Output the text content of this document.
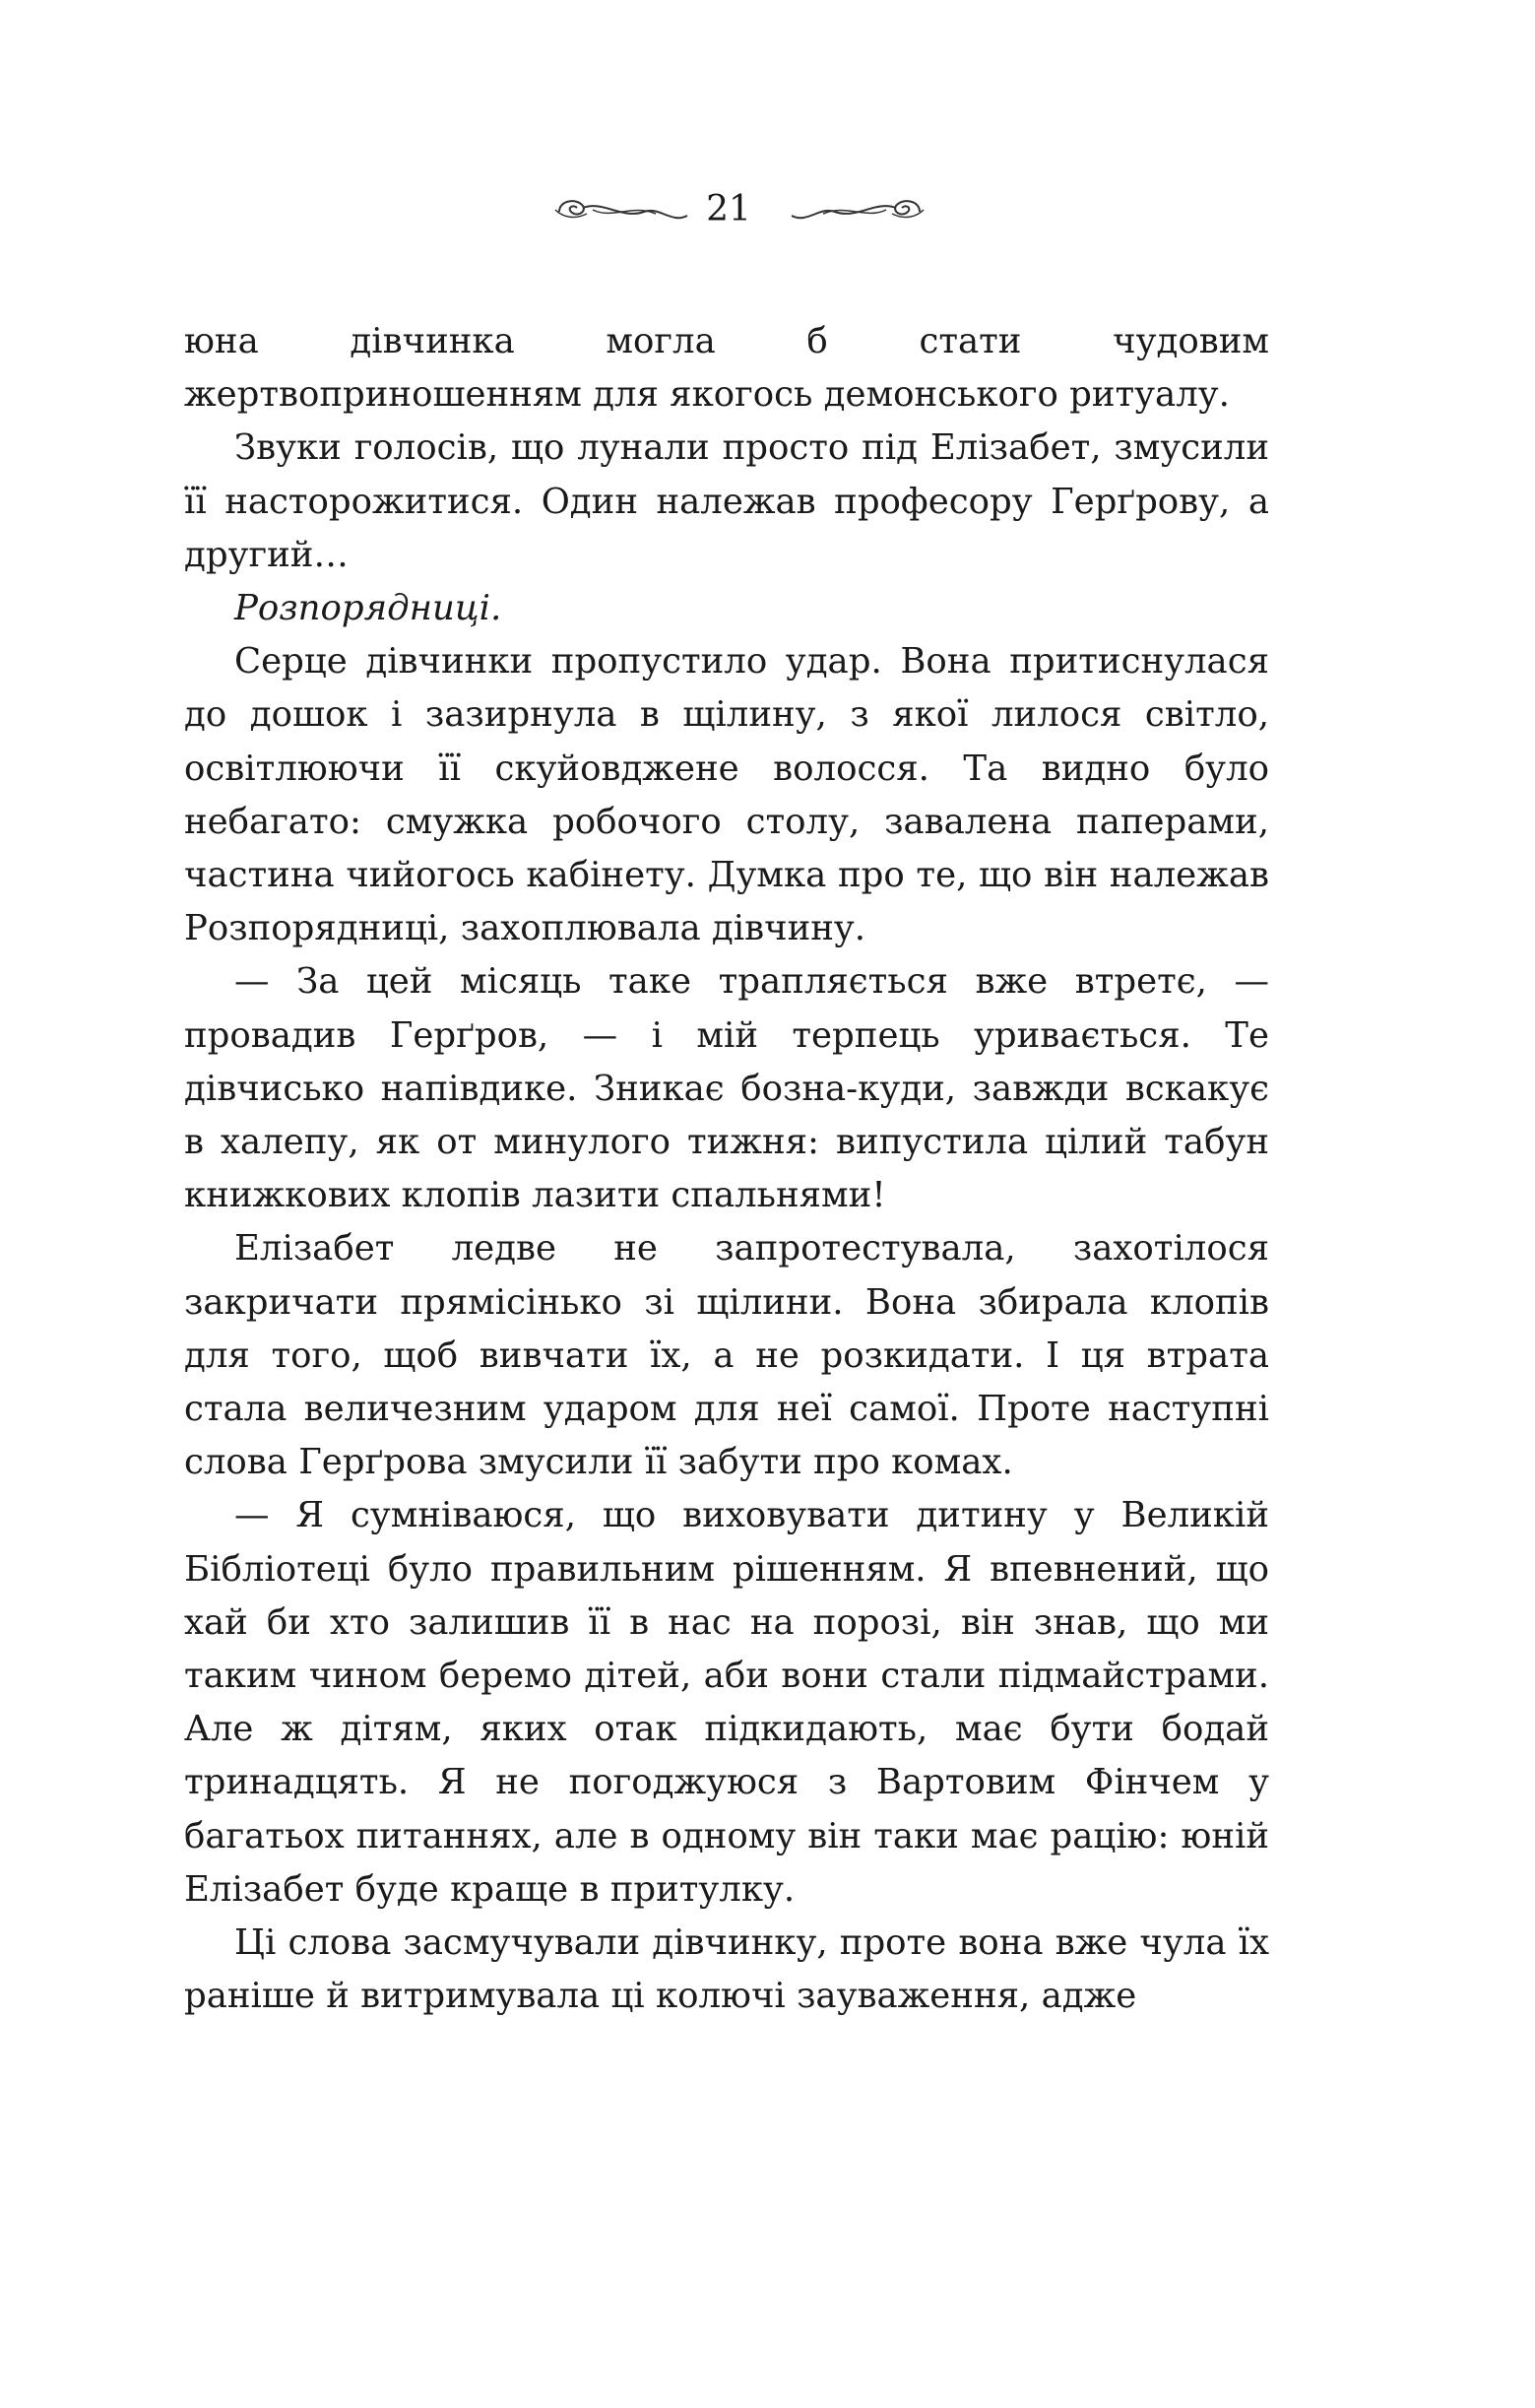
21

юна дівчинка могла б стати чудовим жертвоприношенням для якогось демонського ритуалу.

Звуки голосів, що лунали просто під Елізабет, змусили її насторожитися. Один належав професору Герґрову, а другий…

Розпорядниці.

Серце дівчинки пропустило удар. Вона притиснулася до дошок і зазирнула в щілину, з якої лилося світло, освітлюючи її скуйовджене волосся. Та видно було небагато: смужка робочого столу, завалена паперами, частина чийогось кабінету. Думка про те, що він належав Розпорядниці, захоплювала дівчину.

— За цей місяць таке трапляється вже втретє, — провадив Герґров, — і мій терпець уривається. Те дівчисько напівдике. Зникає бозна-куди, завжди вскакує в халепу, як от минулого тижня: випустила цілий табун книжкових клопів лазити спальнями!

Елізабет ледве не запротестувала, захотілося закричати прямісінько зі щілини. Вона збирала клопів для того, щоб вивчати їх, а не розкидати. І ця втрата стала величезним ударом для неї самої. Проте наступні слова Герґрова змусили її забути про комах.

— Я сумніваюся, що виховувати дитину у Великій Бібліотеці було правильним рішенням. Я впевнений, що хай би хто залишив її в нас на порозі, він знав, що ми таким чином беремо дітей, аби вони стали підмайстрами. Але ж дітям, яких отак підкидають, має бути бодай тринадцять. Я не погоджуюся з Вартовим Фінчем у багатьох питаннях, але в одному він таки має рацію: юній Елізабет буде краще в притулку.

Ці слова засмучували дівчинку, проте вона вже чула їх раніше й витримувала ці колючі зауваження, адже
